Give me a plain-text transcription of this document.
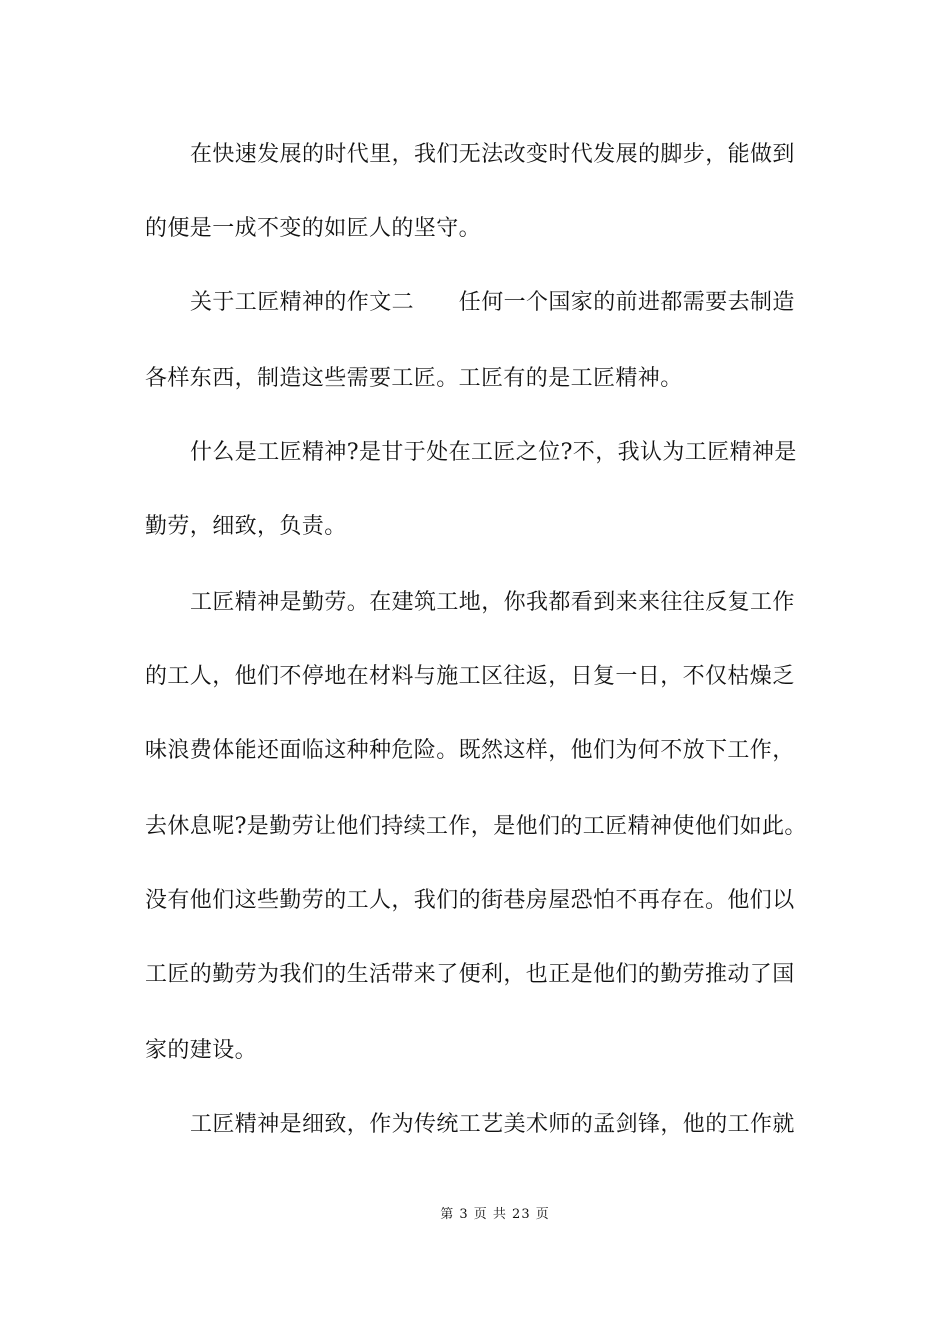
在快速发展的时代里，我们无法改变时代发展的脚步，能做到
的便是一成不变的如匠人的坚守。
关于工匠精神的作文二　　任何一个国家的前进都需要去制造
各样东西，制造这些需要工匠。工匠有的是工匠精神。
什么是工匠精神?是甘于处在工匠之位?不，我认为工匠精神是
勤劳，细致，负责。
工匠精神是勤劳。在建筑工地，你我都看到来来往往反复工作
的工人，他们不停地在材料与施工区往返，日复一日，不仅枯燥乏
味浪费体能还面临这种种危险。既然这样，他们为何不放下工作，
去休息呢?是勤劳让他们持续工作，是他们的工匠精神使他们如此。
没有他们这些勤劳的工人，我们的街巷房屋恐怕不再存在。他们以
工匠的勤劳为我们的生活带来了便利，也正是他们的勤劳推动了国
家的建设。
工匠精神是细致，作为传统工艺美术师的孟剑锋，他的工作就
第 3 页 共 23 页
